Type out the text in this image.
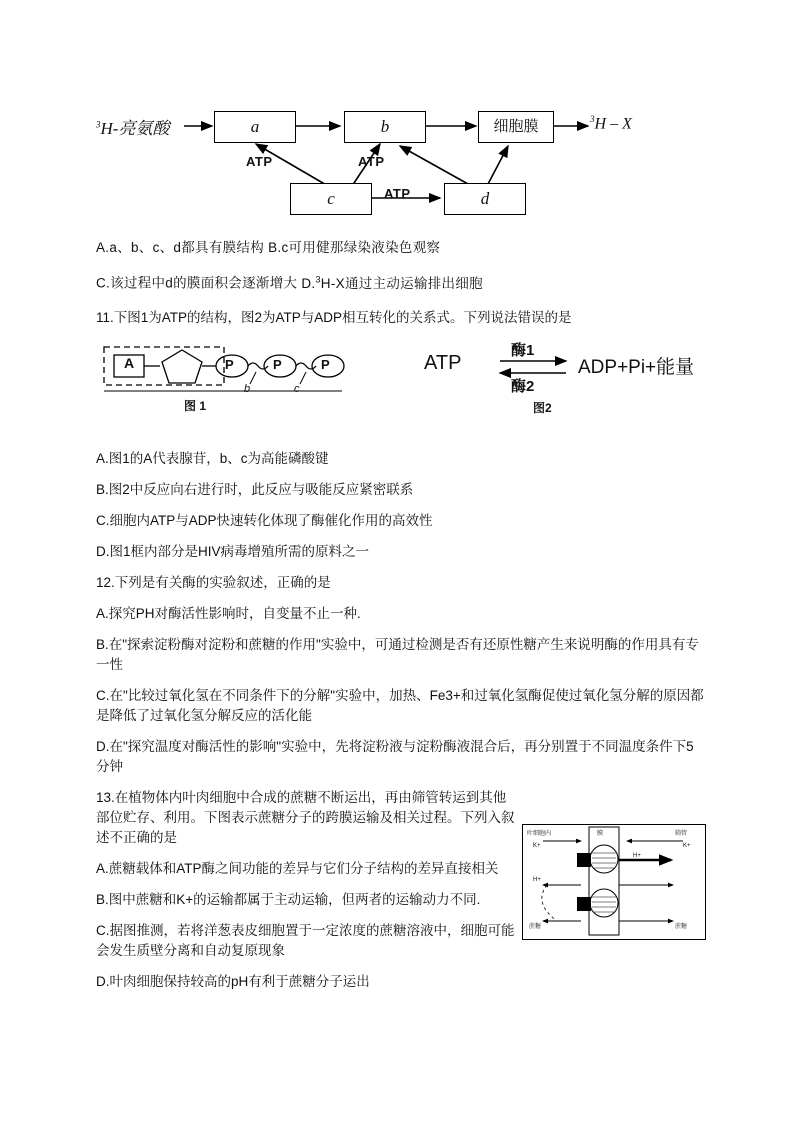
$^3$H-亮氨酸	a	b	细胞膜
c	d
$^3$H – X
ATP	ATP
ATP

A.a、b、c、d都具有膜结构 B.c可用健那绿染液染色观察

C.该过程中d的膜面积会逐渐增大 D.$^3$H-X通过主动运输排出细胞

11.下图1为ATP的结构，图2为ATP与ADP相互转化的关系式。下列说法错误的是

A	P	P	P
b	c
图 1
ATP
酶1
酶2
ADP+Pi+能量
图2

A.图1的A代表腺苷，b、c为高能磷酸键

B.图2中反应向右进行时，此反应与吸能反应紧密联系

C.细胞内ATP与ADP快速转化体现了酶催化作用的高效性

D.图1框内部分是HIV病毒增殖所需的原料之一

12.下列是有关酶的实验叙述，正确的是

A.探究PH对酶活性影响时，自变量不止一种.

B.在"探索淀粉酶对淀粉和蔗糖的作用"实验中，可通过检测是否有还原性糖产生来说明酶的作用具有专一性

C.在"比较过氧化氢在不同条件下的分解"实验中，加热、Fe3+和过氧化氢酶促使过氧化氢分解的原因都是降低了过氧化氢分解反应的活化能

D.在"探究温度对酶活性的影响"实验中，先将淀粉液与淀粉酶液混合后，再分别置于不同温度条件下5分钟

13.在植物体内叶肉细胞中合成的蔗糖不断运出，再由筛管转运到其他部位贮存、利用。下图表示蔗糖分子的跨膜运输及相关过程。下列入叙述不正确的是

A.蔗糖载体和ATP酶之间功能的差异与它们分子结构的差异直接相关

B.图中蔗糖和K+的运输都属于主动运输，但两者的运输动力不同.

C.据图推测，若将洋葱表皮细胞置于一定浓度的蔗糖溶液中，细胞可能会发生质壁分离和自动复原现象

D.叶肉细胞保持较高的pH有利于蔗糖分子运出

叶细胞内	膜	筛管
K+	K+
H+
H+
蔗糖	蔗糖
